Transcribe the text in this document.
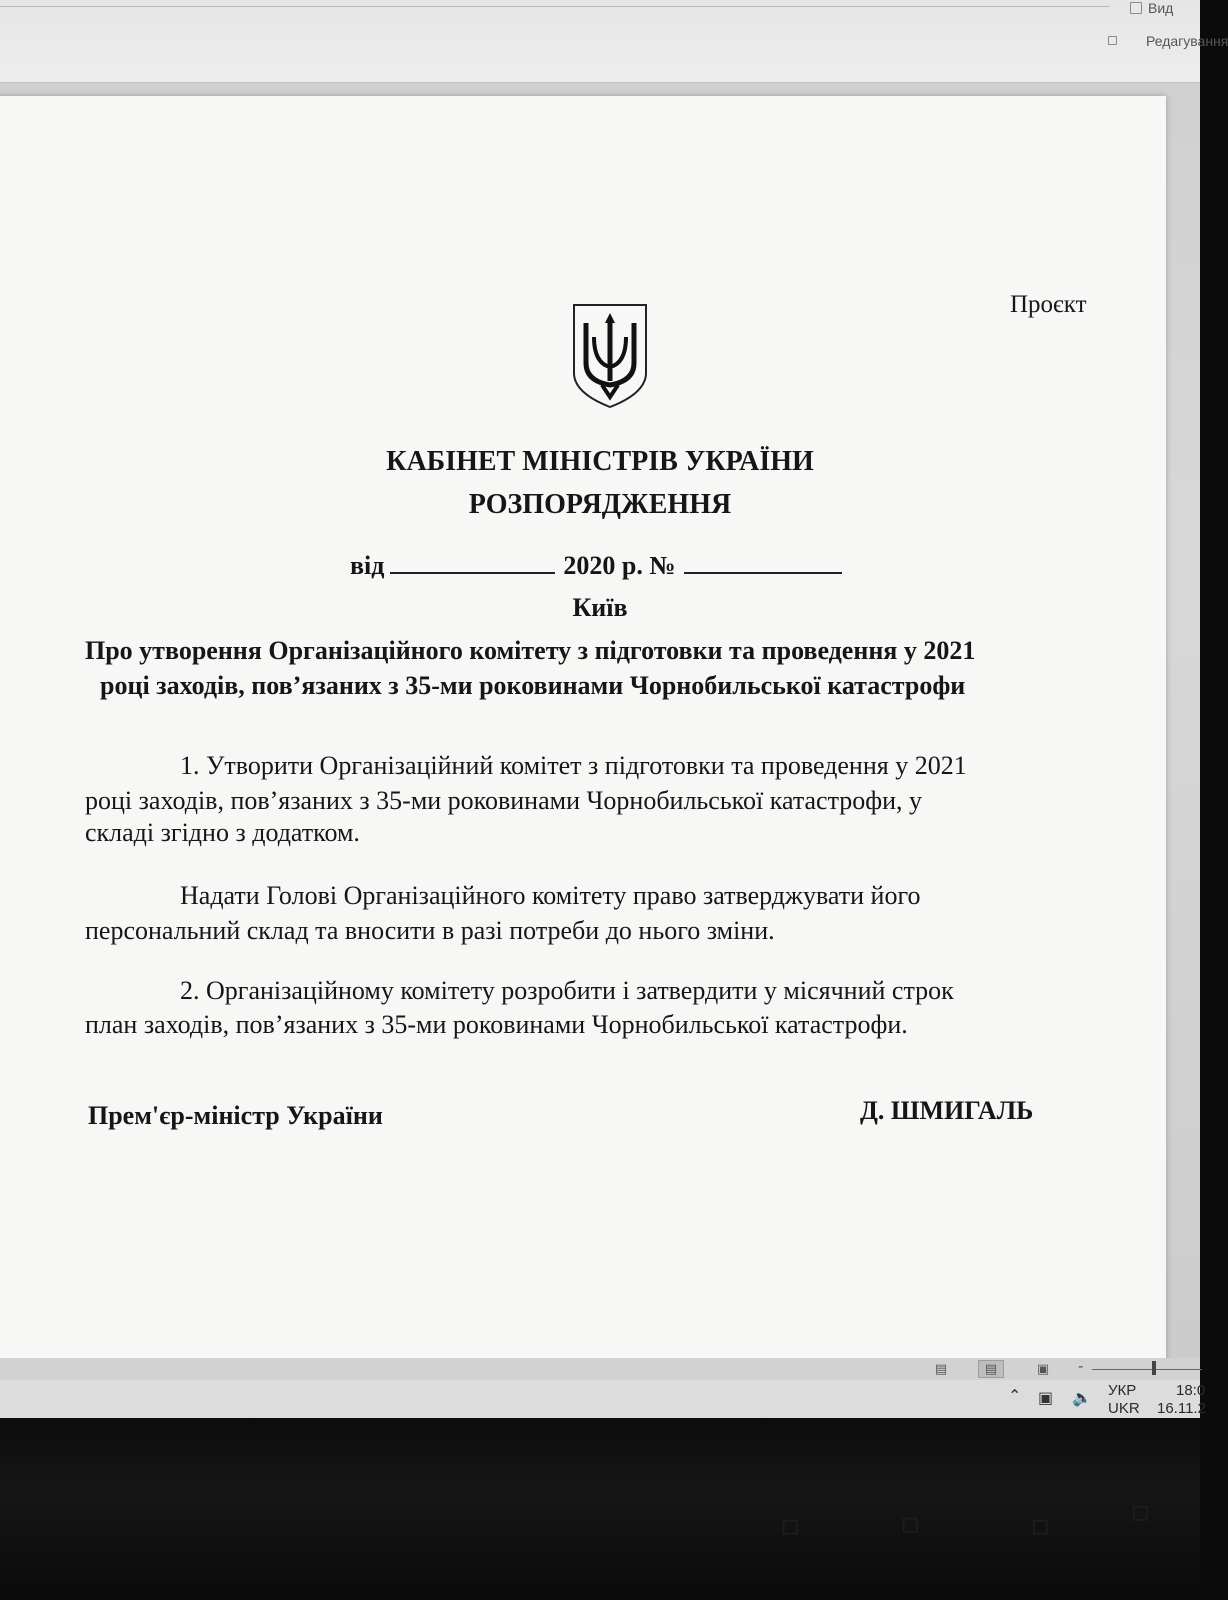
Вид
Редагування
Проєкт
КАБІНЕТ МІНІСТРІВ УКРАЇНИ
РОЗПОРЯДЖЕННЯ
від	2020 р. №
Київ
Про утворення Організаційного комітету з підготовки та проведення у 2021
році заходів, пов’язаних з 35-ми роковинами Чорнобильської катастрофи
1. Утворити Організаційний комітет з підготовки та проведення у 2021
році заходів, пов’язаних з 35-ми роковинами Чорнобильської катастрофи, у
складі згідно з додатком.
Надати Голові Організаційного комітету право затверджувати його
персональний склад та вносити в разі потреби до нього зміни.
2. Організаційному комітету розробити і затвердити у місячний строк
план заходів, пов’язаних з 35-ми роковинами Чорнобильської катастрофи.
Прем'єр-міністр України	Д. ШМИГАЛЬ
▤	▤	▣ -
⌃ ▣ 🔈 УКР
UKR
18:0
16.11.2
▫	▫	▫	▫
